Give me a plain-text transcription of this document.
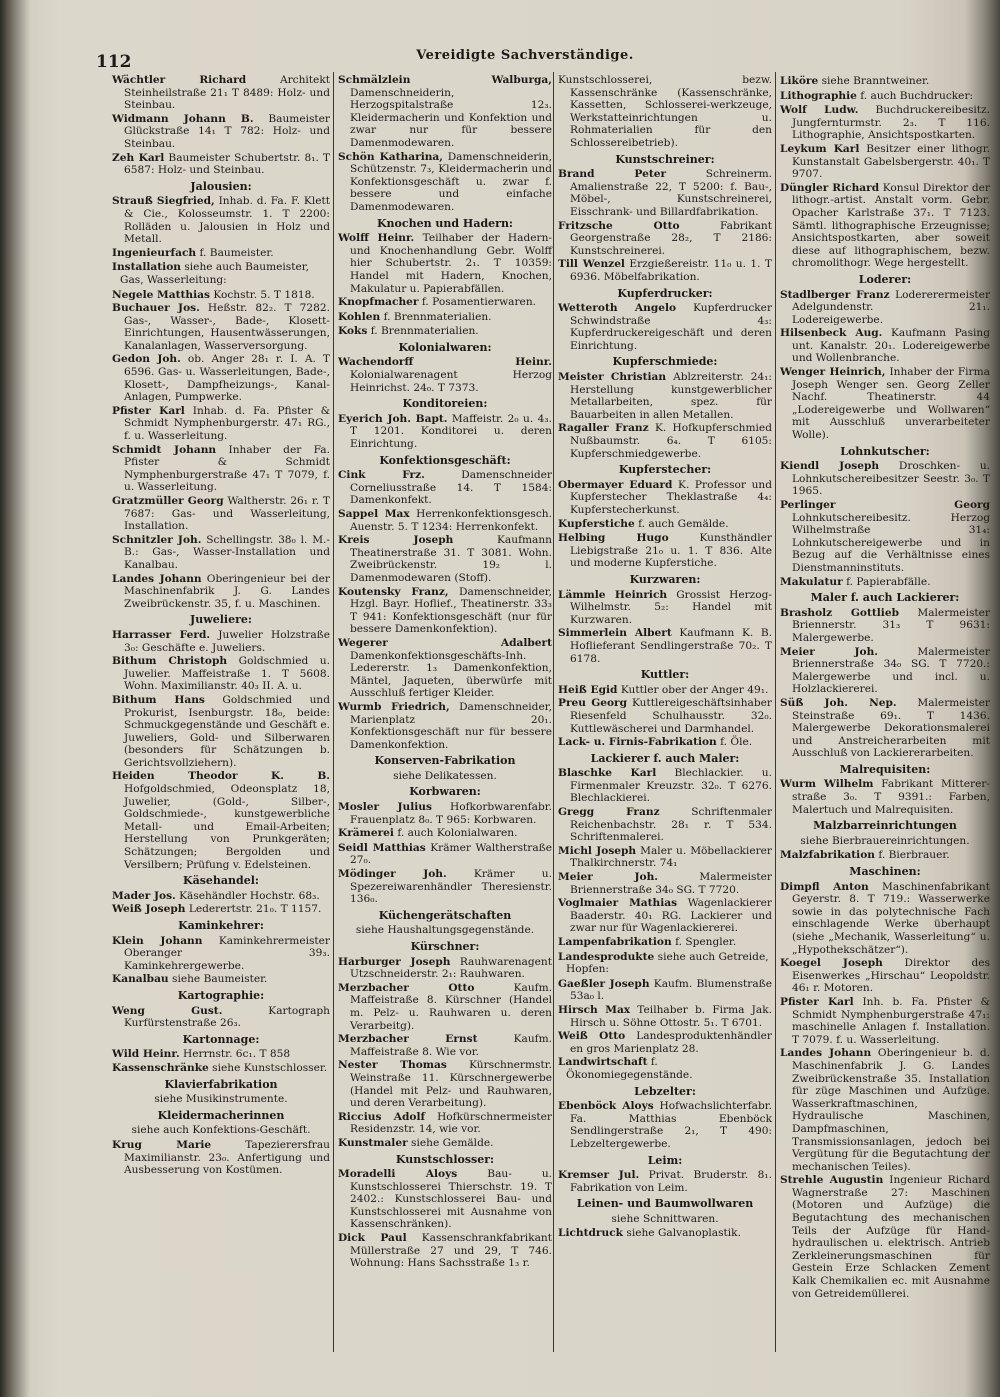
112	Vereidigte Sachverständige.
Wächtler Richard	Architekt Steinheilstraße 21₁ T 8489: Holz- und Steinbau.
Widmann Johann B. Baumeister Glückstraße 14₁ T 782: Holz- und Steinbau.
Zeh Karl Baumeister Schubertstr. 8₁. T 6587: Holz- und Steinbau.
Jalousien:
Strauß Siegfried, Inhab. d. Fa. F. Klett & Cie., Kolosseumstr. 1. T 2200: Rolläden u. Jalousien in Holz und Metall.
Ingenieurfach f. Baumeister.
Installation siehe auch Baumeister, Gas, Wasserleitung:
Negele Matthias Kochstr. 5. T 1818.
Buchauer Jos. Heßstr. 82₂. T 7282. Gas-, Wasser-, Bade-, Klosett-Einrichtungen, Hausentwässerungen, Kanalanlagen, Wasserversorgung.
Gedon Joh. ob. Anger 28₁ r. I. A. T 6596. Gas- u. Wasserleitungen, Bade-, Klosett-, Dampfheizungs-, Kanal-Anlagen, Pumpwerke.
Pfister Karl Inhab. d. Fa. Pfister & Schmidt Nymphenburgerstr. 47₁ RG., f. u. Wasserleitung.
Schmidt Johann Inhaber der Fa. Pfister & Schmidt Nymphenburgerstraße 47₁ T 7079, f. u. Wasserleitung.
Gratzmüller Georg Waltherstr. 26₁ r. T 7687: Gas- und Wasserleitung, Installation.
Schnitzler Joh. Schellingstr. 38₀ l. M.-B.: Gas-, Wasser-Installation und Kanalbau.
Landes Johann Oberingenieur bei der Maschinenfabrik J. G. Landes Zweibrückenstr. 35, f. u. Maschinen.
Juweliere:
Harrasser Ferd. Juwelier Holzstraße 3₀: Geschäfte e. Juweliers.
Bithum Christoph Goldschmied u. Juwelier. Maffeistraße 1. T 5608. Wohn. Maximilianstr. 40₃ II. A. u.
Bithum Hans Goldschmied und Prokurist, Isenburgstr. 18₀, beide: Schmuckgegenstände und Geschäft e. Juweliers, Gold- und Silberwaren (besonders für Schätzungen b. Gerichtsvollziehern).
Heiden Theodor K. B. Hofgoldschmied, Odeonsplatz 18, Juwelier, (Gold-, Silber-, Goldschmiede-, kunstgewerbliche Metall- und Email-Arbeiten; Herstellung von Prunkgeräten; Schätzungen; Bergolden und Versilbern; Prüfung v. Edelsteinen.
Käsehandel:
Mader Jos. Käsehändler Hochstr. 68₃.
Weiß Joseph Lederertstr. 21₀. T 1157.
Kaminkehrer:
Klein Johann Kaminkehrermeister Oberanger 39₃. Kaminkehrergewerbe.
Kanalbau siehe Baumeister.
Kartographie:
Weng Gust.	Kartograph Kurfürstenstraße 26₃.
Kartonnage:
Wild Heinr. Herrnstr. 6c₁. T 858
Kassenschränke siehe Kunstschlosser.
Klavierfabrikation
siehe Musikinstrumente.
Kleidermacherinnen
siehe auch Konfektions-Geschäft.
Krug Marie	Tapezierersfrau Maximilianstr. 23₀. Anfertigung und Ausbesserung von Kostümen.
Schmälzlein Walburga, Damenschneiderin, Herzogspitalstraße 12₃. Kleidermacherin und Konfektion und zwar nur für bessere Damenmodewaren.
Schön Katharina, Damenschneiderin, Schützenstr. 7₃, Kleidermacherin und Konfektionsgeschäft u. zwar f. bessere und einfache Damenmodewaren.
Knochen und Hadern:
Wolff Heinr. Teilhaber der Hadern- und Knochenhandlung Gebr. Wolff hier Schubertstr. 2₁. T 10359: Handel mit Hadern, Knochen, Makulatur u. Papierabfällen.
Knopfmacher f. Posamentierwaren.
Kohlen f. Brennmaterialien.
Koks f. Brennmaterialien.
Kolonialwaren:
Wachendorff Heinr. Kolonialwarenagent Herzog Heinrichst. 24₀. T 7373.
Konditoreien:
Eyerich Joh. Bapt. Maffeistr. 2₀ u. 4₃. T 1201. Konditorei u. deren Einrichtung.
Konfektionsgeschäft:
Cink Frz.	Damenschneider Corneliusstraße 14. T 1584: Damenkonfekt.
Sappel Max Herrenkonfektionsgesch. Auenstr. 5. T 1234: Herrenkonfekt.
Kreis Joseph	Kaufmann Theatinerstraße 31. T 3081. Wohn. Zweibrückenstr. 19₂ l. Damenmodewaren (Stoff).
Koutensky Franz, Damenschneider, Hzgl. Bayr. Hoflief., Theatinerstr. 33₃ T 941: Konfektionsgeschäft (nur für bessere Damenkonfektion).
Wegerer Adalbert Damenkonfektionsgeschäfts-Inh. Ledererstr. 1₃ Damenkonfektion, Mäntel, Jaqueten, überwürfe mit Ausschluß fertiger Kleider.
Wurmb Friedrich, Damenschneider, Marienplatz 20₁. Konfektionsgeschäft nur für bessere Damenkonfektion.
Konserven-Fabrikation
siehe Delikatessen.
Korbwaren:
Mosler Julius Hofkorbwarenfabr. Frauenplatz 8₀. T 965: Korbwaren.
Krämerei f. auch Kolonialwaren.
Seidl Matthias Krämer Waltherstraße 27₀.
Mödinger Joh.	Krämer u. Spezereiwarenhändler Theresienstr. 136₀.
Küchengerätschaften
siehe Haushaltungsgegenstände.
Kürschner:
Harburger Joseph Rauhwarenagent Utzschneiderstr. 2₁: Rauhwaren.
Merzbacher Otto	Kaufm. Maffeistraße 8. Kürschner (Handel m. Pelz- u. Rauhwaren u. deren Verarbeitg).
Merzbacher Ernst	Kaufm. Maffeistraße 8. Wie vor.
Nester Thomas Kürschnermstr. Weinstraße 11. Kürschnergewerbe (Handel mit Pelz- und Rauhwaren, und deren Verarbeitung).
Riccius Adolf Hofkürschnermeister Residenzstr. 14, wie vor.
Kunstmaler siehe Gemälde.
Kunstschlosser:
Moradelli Aloys	Bau- u. Kunstschlosserei Thierschstr. 19. T 2402.: Kunstschlosserei Bau- und Kunstschlosserei mit Ausnahme von Kassenschränken).
Dick Paul Kassenschrankfabrikant Müllerstraße 27 und 29, T 746. Wohnung: Hans Sachsstraße 1₃ r.
Kunstschlosserei, bezw. Kassenschränke (Kassenschränke, Kassetten, Schlosserei-werkzeuge, Werkstatteinrichtungen u. Rohmaterialien für den Schlossereibetrieb).
Kunstschreiner:
Brand Peter	Schreinerm. Amalienstraße 22, T 5200: f. Bau-, Möbel-, Kunstschreinerei, Eisschrank- und Billardfabrikation.
Fritzsche Otto	Fabrikant Georgenstraße 28₂, T 2186: Kunstschreinerei.
Till Wenzel Erzgießereistr. 11₀ u. 1. T 6936. Möbelfabrikation.
Kupferdrucker:
Wetteroth Angelo Kupferdrucker Schwindstraße 4₃: Kupferdruckereigeschäft und deren Einrichtung.
Kupferschmiede:
Meister Christian Ablzreiterstr. 24₁: Herstellung kunstgewerblicher Metallarbeiten, spez. für Bauarbeiten in allen Metallen.
Ragaller Franz K. Hofkupferschmied Nußbaumstr. 6₄. T 6105: Kupferschmiedgewerbe.
Kupferstecher:
Obermayer Eduard K. Professor und Kupferstecher Theklastraße 4₄: Kupferstecherkunst.
Kupferstiche f. auch Gemälde.
Helbing Hugo	Kunsthändler Liebigstraße 21₀ u. 1. T 836. Alte und moderne Kupferstiche.
Kurzwaren:
Lämmle Heinrich Grossist Herzog-Wilhelmstr. 5₂: Handel mit Kurzwaren.
Simmerlein Albert Kaufmann K. B. Hoflieferant Sendlingerstraße 70₂. T 6178.
Kuttler:
Heiß Egid Kuttler ober der Anger 49₁.
Preu Georg Kuttlereigeschäftsinhaber Riesenfeld Schulhausstr. 32₀. Kuttlewäscherei und Darmhandel.
Lack- u. Firnis-Fabrikation f. Öle.
Lackierer f. auch Maler:
Blaschke Karl Blechlackier. u. Firmenmaler Kreuzstr. 32₀. T 6276. Blechlackierei.
Gregg Franz	Schriftenmaler Reichenbachstr. 28₁ r. T 534. Schriftenmalerei.
Michl Joseph Maler u. Möbellackierer Thalkirchnerstr. 74₁
Meier Joh.	Malermeister Briennerstraße 34₀ SG. T 7720.
Voglmaier Mathias Wagenlackierer Baaderstr. 40₁ RG. Lackierer und zwar nur für Wagenlackiererei.
Lampenfabrikation f. Spengler.
Landesprodukte siehe auch Getreide, Hopfen:
Gaeßler Joseph Kaufm. Blumenstraße 53a₀ l.
Hirsch Max Teilhaber b. Firma Jak. Hirsch u. Söhne Ottostr. 5₁. T 6701.
Weiß Otto Landesproduktenhändler en gros Marienplatz 28.
Landwirtschaft f. Ökonomiegegenstände.
Lebzelter:
Ebenböck Aloys Hofwachslichterfabr. Fa. Matthias Ebenböck Sendlingerstraße 2₁, T 490: Lebzeltergewerbe.
Leim:
Kremser Jul. Privat. Bruderstr. 8₁. Fabrikation von Leim.
Leinen- und Baumwollwaren
siehe Schnittwaren.
Lichtdruck siehe Galvanoplastik.
Liköre siehe Branntweiner.
Lithographie f. auch Buchdrucker:
Wolf Ludw. Buchdruckereibesitz. Jungfernturmstr. 2₃. T 116. Lithographie, Ansichtspostkarten.
Leykum Karl Besitzer einer lithogr. Kunstanstalt Gabelsbergerstr. 40₁. T 9707.
Düngler Richard Konsul Direktor der lithogr.-artist. Anstalt vorm. Gebr. Opacher Karlstraße 37₁. T 7123. Sämtl. lithographische Erzeugnisse; Ansichtspostkarten, aber soweit diese auf lithographischem, bezw. chromolithogr. Wege hergestellt.
Loderer:
Stadlberger Franz Lodererermeister Adelgundenstr. 21₁. Lodereigewerbe.
Hilsenbeck Aug. Kaufmann Pasing unt. Kanalstr. 20₁. Lodereigewerbe und Wollenbranche.
Wenger Heinrich, Inhaber der Firma Joseph Wenger sen. Georg Zeller Nachf. Theatinerstr. 44 „Lodereigewerbe und Wollwaren“ mit Ausschluß unverarbeiteter Wolle).
Lohnkutscher:
Kiendl Joseph Droschken- u. Lohnkutschereibesitzer Seestr. 3₀. T 1965.
Perlinger Georg Lohnkutschereibesitz. Herzog Wilhelmstraße 31₄: Lohnkutschereigewerbe und in Bezug auf die Verhältnisse eines Dienstmanninstituts.
Makulatur f. Papierabfälle.
Maler f. auch Lackierer:
Brasholz Gottlieb Malermeister Briennerstr. 31₃ T 9631: Malergewerbe.
Meier Joh.	Malermeister Briennerstraße 34₀ SG. T 7720.: Malergewerbe und incl. u. Holzlackiererei.
Süß Joh. Nep. Malermeister Steinstraße 69₁. T 1436. Malergewerbe Dekorationsmalerei und Anstreicherarbeiten mit Ausschluß von Lackiererarbeiten.
Malrequisiten:
Wurm Wilhelm Fabrikant Mitterer-straße 3₀. T 9391.: Farben, Malertuch und Malrequisiten.
Malzbarreinrichtungen
siehe Bierbrauereinrichtungen.
Malzfabrikation f. Bierbrauer.
Maschinen:
Dimpfl Anton Maschinenfabrikant Geyerstr. 8. T 719.: Wasserwerke sowie in das polytechnische Fach einschlagende Werke überhaupt (siehe „Mechanik, Wasserleitung“ u. „Hypothekschätzer“).
Koegel Joseph Direktor des Eisenwerkes „Hirschau“ Leopoldstr. 46₁ r. Motoren.
Pfister Karl Inh. b. Fa. Pfister & Schmidt Nymphenburgerstraße 47₁: maschinelle Anlagen f. Installation. T 7079. f. u. Wasserleitung.
Landes Johann Oberingenieur b. d. Maschinenfabrik J. G. Landes Zweibrückenstraße 35. Installation für züge Maschinen und Aufzüge. Wasserkraftmaschinen, Hydraulische Maschinen, Dampfmaschinen, Transmissionsanlagen, jedoch bei Vergütung für die Begutachtung der mechanischen Teiles).
Strehle Augustin Ingenieur Richard Wagnerstraße 27: Maschinen (Motoren und Aufzüge) die Begutachtung des mechanischen Teils der Aufzüge für Hand- hydraulischen u. elektrisch. Antrieb Zerkleinerungsmaschinen für Gestein Erze Schlacken Zement Kalk Chemikalien ec. mit Ausnahme von Getreidemüllerei.
